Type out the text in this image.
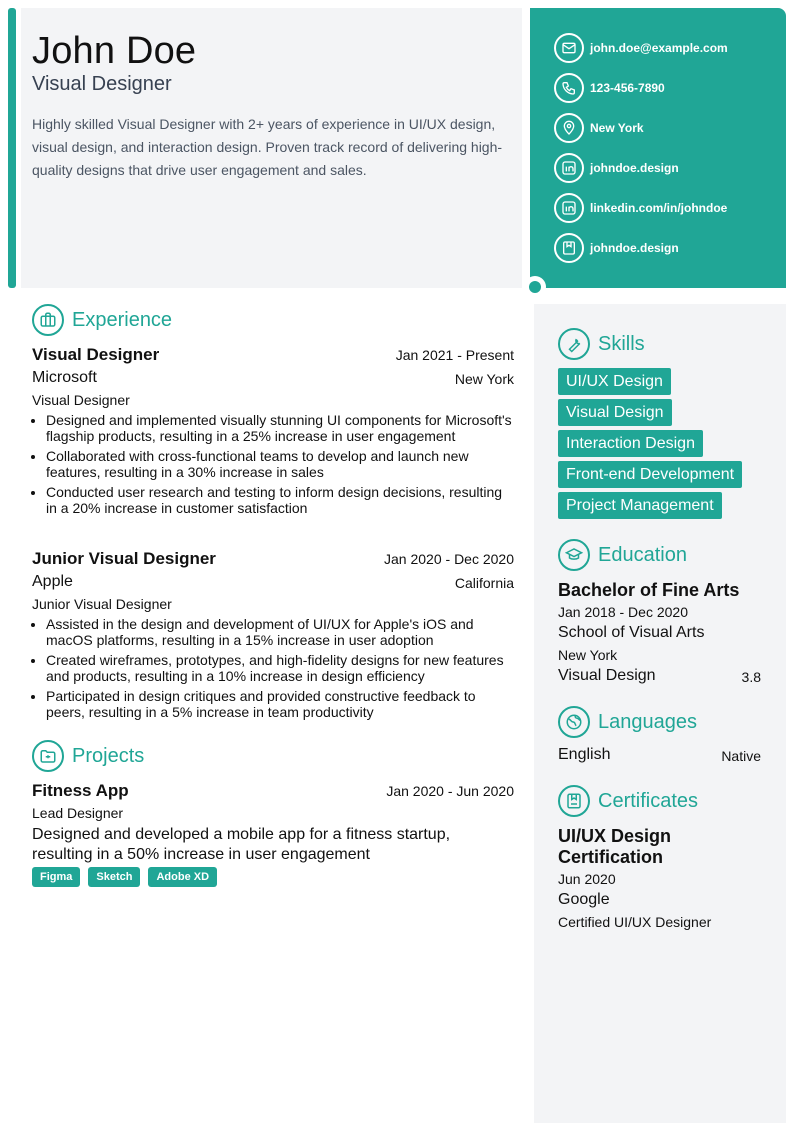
John Doe
Visual Designer
Highly skilled Visual Designer with 2+ years of experience in UI/UX design, visual design, and interaction design. Proven track record of delivering high-quality designs that drive user engagement and sales.
john.doe@example.com
123-456-7890
New York
johndoe.design
linkedin.com/in/johndoe
johndoe.design
Experience
Visual Designer	Jan 2021 - Present
Microsoft	New York
Visual Designer
• Designed and implemented visually stunning UI components for Microsoft's flagship products, resulting in a 25% increase in user engagement
• Collaborated with cross-functional teams to develop and launch new features, resulting in a 30% increase in sales
• Conducted user research and testing to inform design decisions, resulting in a 20% increase in customer satisfaction
Junior Visual Designer	Jan 2020 - Dec 2020
Apple	California
Junior Visual Designer
• Assisted in the design and development of UI/UX for Apple's iOS and macOS platforms, resulting in a 15% increase in user adoption
• Created wireframes, prototypes, and high-fidelity designs for new features and products, resulting in a 10% increase in design efficiency
• Participated in design critiques and provided constructive feedback to peers, resulting in a 5% increase in team productivity
Projects
Fitness App	Jan 2020 - Jun 2020
Lead Designer
Designed and developed a mobile app for a fitness startup, resulting in a 50% increase in user engagement
Figma Sketch Adobe XD
Skills
UI/UX Design
Visual Design
Interaction Design
Front-end Development
Project Management
Education
Bachelor of Fine Arts
Jan 2018 - Dec 2020
School of Visual Arts
New York
Visual Design	3.8
Languages
English	Native
Certificates
UI/UX Design Certification
Jun 2020
Google
Certified UI/UX Designer
